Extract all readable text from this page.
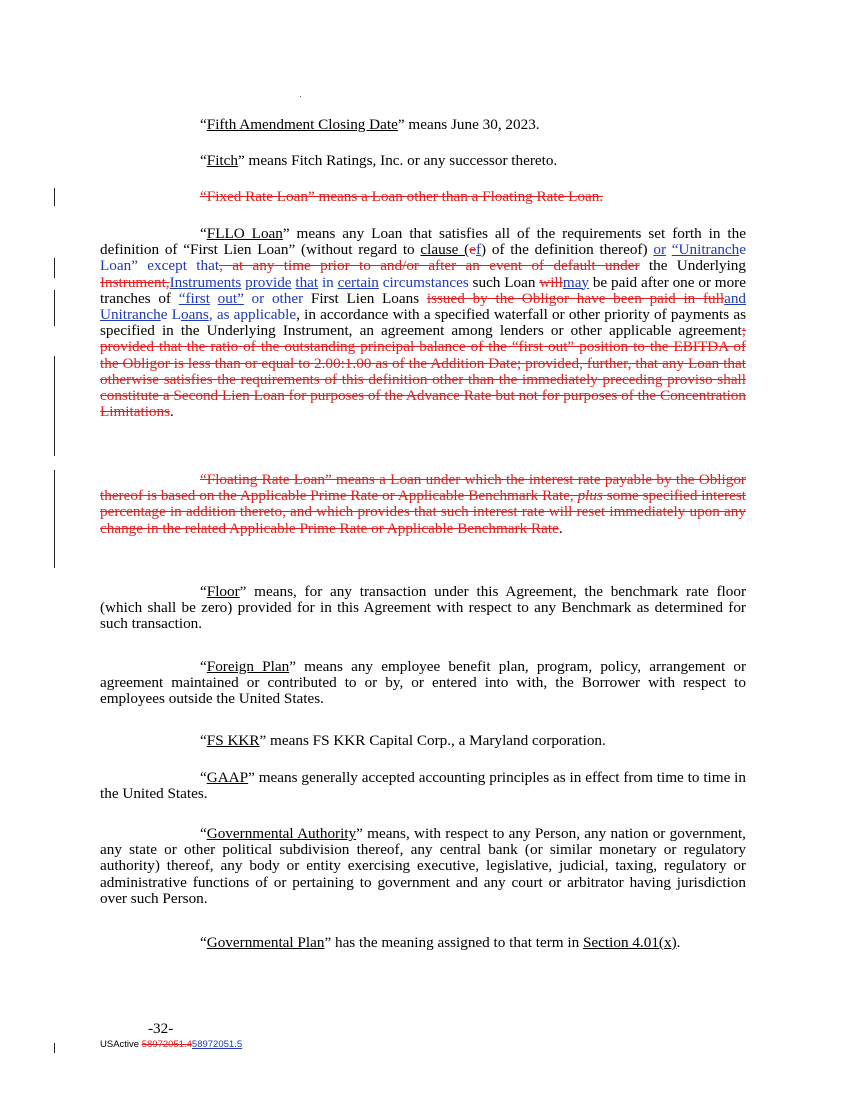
“Fifth Amendment Closing Date” means June 30, 2023.

“Fitch” means Fitch Ratings, Inc. or any successor thereto.

“Fixed Rate Loan” means a Loan other than a Floating Rate Loan.

“FLLO Loan” means any Loan that satisfies all of the requirements set forth in the definition of “First Lien Loan” (without regard to clause (ef) of the definition thereof) or “Unitranche Loan” except that, at any time prior to and/or after an event of default under the Underlying Instrument,Instruments provide that in certain circumstances such Loan willmay be paid after one or more tranches of “first out” or other First Lien Loans issued by the Obligor have been paid in fulland Unitranche Loans, as applicable, in accordance with a specified waterfall or other priority of payments as specified in the Underlying Instrument, an agreement among lenders or other applicable agreement; provided that the ratio of the outstanding principal balance of the “first out” position to the EBITDA of the Obligor is less than or equal to 2.00:1.00 as of the Addition Date; provided, further, that any Loan that otherwise satisfies the requirements of this definition other than the immediately preceding proviso shall constitute a Second Lien Loan for purposes of the Advance Rate but not for purposes of the Concentration Limitations.

“Floating Rate Loan” means a Loan under which the interest rate payable by the Obligor thereof is based on the Applicable Prime Rate or Applicable Benchmark Rate, plus some specified interest percentage in addition thereto, and which provides that such interest rate will reset immediately upon any change in the related Applicable Prime Rate or Applicable Benchmark Rate.

“Floor” means, for any transaction under this Agreement, the benchmark rate floor (which shall be zero) provided for in this Agreement with respect to any Benchmark as determined for such transaction.

“Foreign Plan” means any employee benefit plan, program, policy, arrangement or agreement maintained or contributed to or by, or entered into with, the Borrower with respect to employees outside the United States.

“FS KKR” means FS KKR Capital Corp., a Maryland corporation.

“GAAP” means generally accepted accounting principles as in effect from time to time in the United States.

“Governmental Authority” means, with respect to any Person, any nation or government, any state or other political subdivision thereof, any central bank (or similar monetary or regulatory authority) thereof, any body or entity exercising executive, legislative, judicial, taxing, regulatory or administrative functions of or pertaining to government and any court or arbitrator having jurisdiction over such Person.

“Governmental Plan” has the meaning assigned to that term in Section 4.01(x).

-32-
USActive 58972051.458972051.5
